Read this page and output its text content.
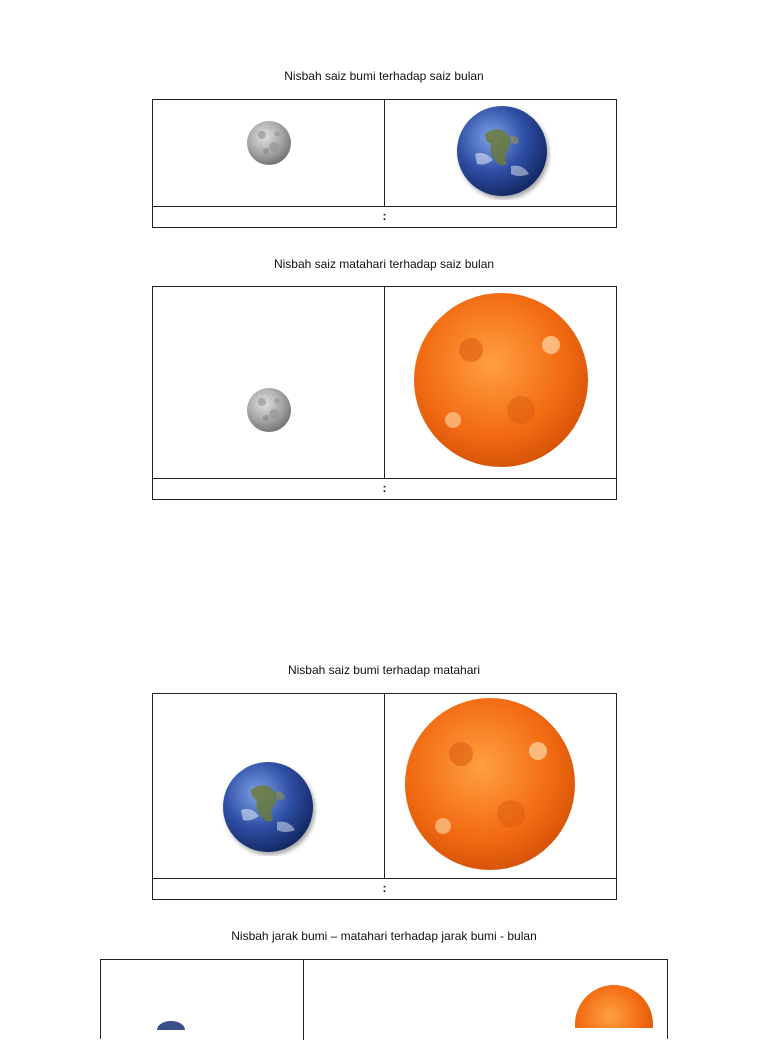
Nisbah saiz bumi terhadap saiz bulan
:
Nisbah saiz matahari terhadap saiz bulan
:
Nisbah saiz bumi terhadap matahari
:
Nisbah jarak bumi – matahari terhadap jarak bumi - bulan
